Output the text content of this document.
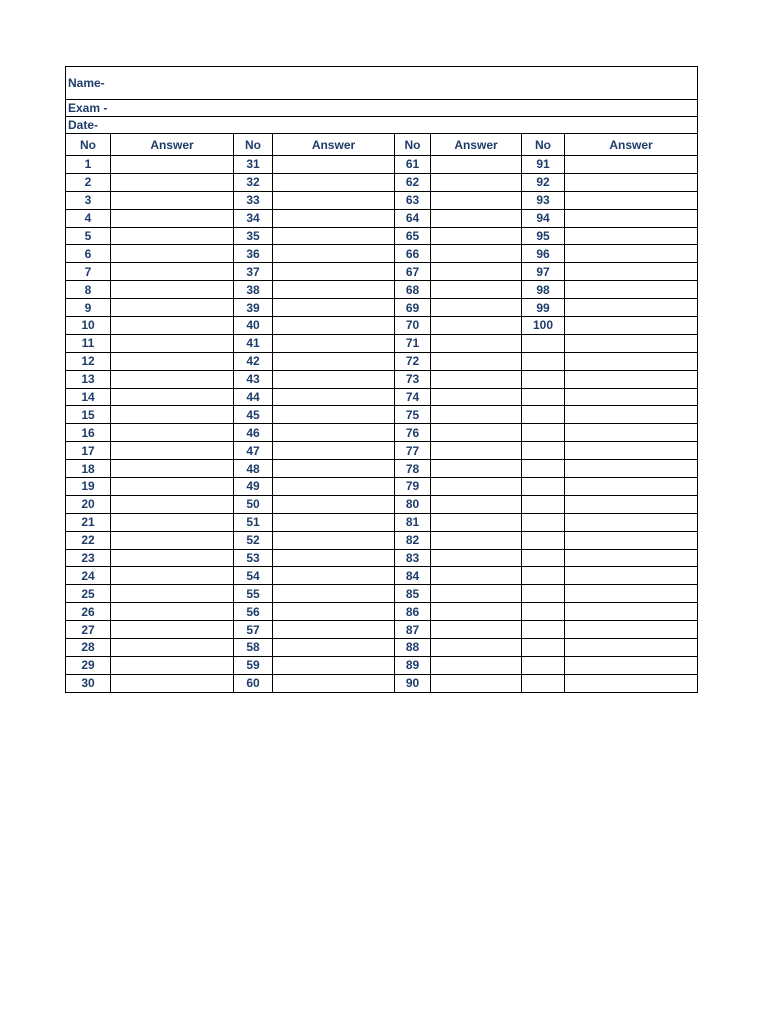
Name-							
Exam -							
Date-							
No	Answer	No	Answer	No	Answer	No	Answer
1		31		61		91	
2		32		62		92	
3		33		63		93	
4		34		64		94	
5		35		65		95	
6		36		66		96	
7		37		67		97	
8		38		68		98	
9		39		69		99	
10		40		70		100	
11		41		71			
12		42		72			
13		43		73			
14		44		74			
15		45		75			
16		46		76			
17		47		77			
18		48		78			
19		49		79			
20		50		80			
21		51		81			
22		52		82			
23		53		83			
24		54		84			
25		55		85			
26		56		86			
27		57		87			
28		58		88			
29		59		89			
30		60		90			
